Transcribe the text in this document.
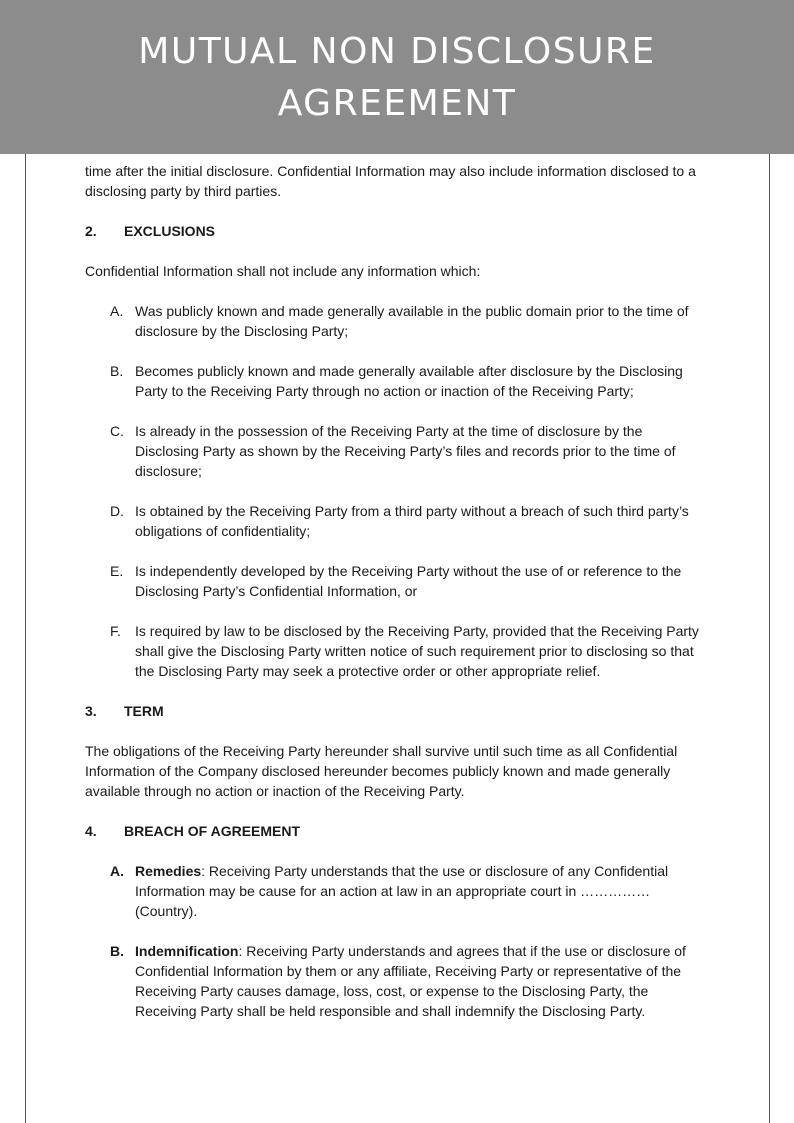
MUTUAL NON DISCLOSURE
AGREEMENT

time after the initial disclosure. Confidential Information may also include information disclosed to a disclosing party by third parties.

2.	EXCLUSIONS

Confidential Information shall not include any information which:

A. Was publicly known and made generally available in the public domain prior to the time of disclosure by the Disclosing Party;
B. Becomes publicly known and made generally available after disclosure by the Disclosing Party to the Receiving Party through no action or inaction of the Receiving Party;
C. Is already in the possession of the Receiving Party at the time of disclosure by the Disclosing Party as shown by the Receiving Party’s files and records prior to the time of disclosure;
D. Is obtained by the Receiving Party from a third party without a breach of such third party’s obligations of confidentiality;
E. Is independently developed by the Receiving Party without the use of or reference to the Disclosing Party’s Confidential Information, or
F.	Is required by law to be disclosed by the Receiving Party, provided that the Receiving Party shall give the Disclosing Party written notice of such requirement prior to disclosing so that the Disclosing Party may seek a protective order or other appropriate relief.
3.	TERM

The obligations of the Receiving Party hereunder shall survive until such time as all Confidential Information of the Company disclosed hereunder becomes publicly known and made generally available through no action or inaction of the Receiving Party.

4.	BREACH OF AGREEMENT
A. Remedies: Receiving Party understands that the use or disclosure of any Confidential Information may be cause for an action at law in an appropriate court in ……………(Country).
B. Indemnification: Receiving Party understands and agrees that if the use or disclosure of Confidential Information by them or any affiliate, Receiving Party or representative of the Receiving Party causes damage, loss, cost, or expense to the Disclosing Party, the Receiving Party shall be held responsible and shall indemnify the Disclosing Party.
